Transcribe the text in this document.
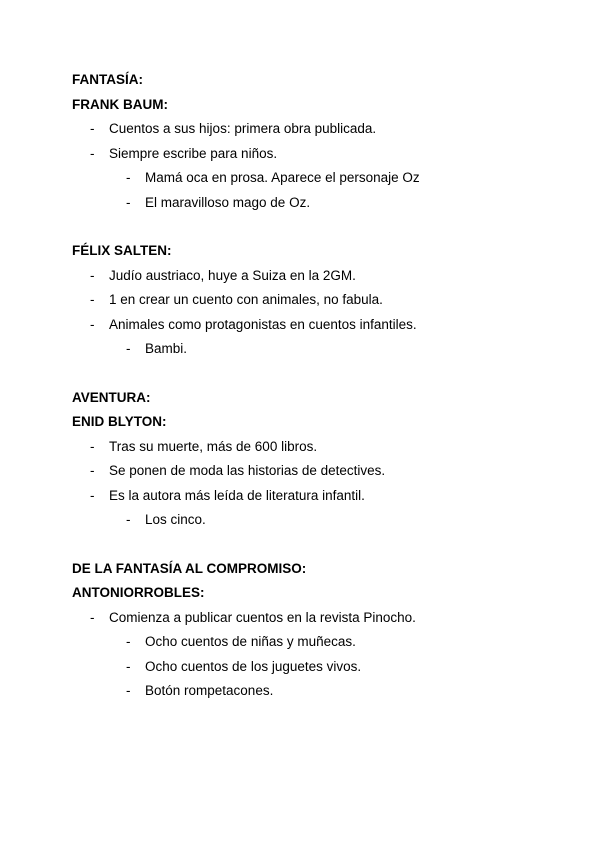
FANTASÍA:
FRANK BAUM:
- Cuentos a sus hijos: primera obra publicada.
- Siempre escribe para niños.
- Mamá oca en prosa. Aparece el personaje Oz
- El maravilloso mago de Oz.
FÉLIX SALTEN:
- Judío austriaco, huye a Suiza en la 2GM.
- 1 en crear un cuento con animales, no fabula.
- Animales como protagonistas en cuentos infantiles.
- Bambi.
AVENTURA:
ENID BLYTON:
- Tras su muerte, más de 600 libros.
- Se ponen de moda las historias de detectives.
- Es la autora más leída de literatura infantil.
- Los cinco.
DE LA FANTASÍA AL COMPROMISO:
ANTONIORROBLES:
- Comienza a publicar cuentos en la revista Pinocho.
- Ocho cuentos de niñas y muñecas.
- Ocho cuentos de los juguetes vivos.
- Botón rompetacones.
